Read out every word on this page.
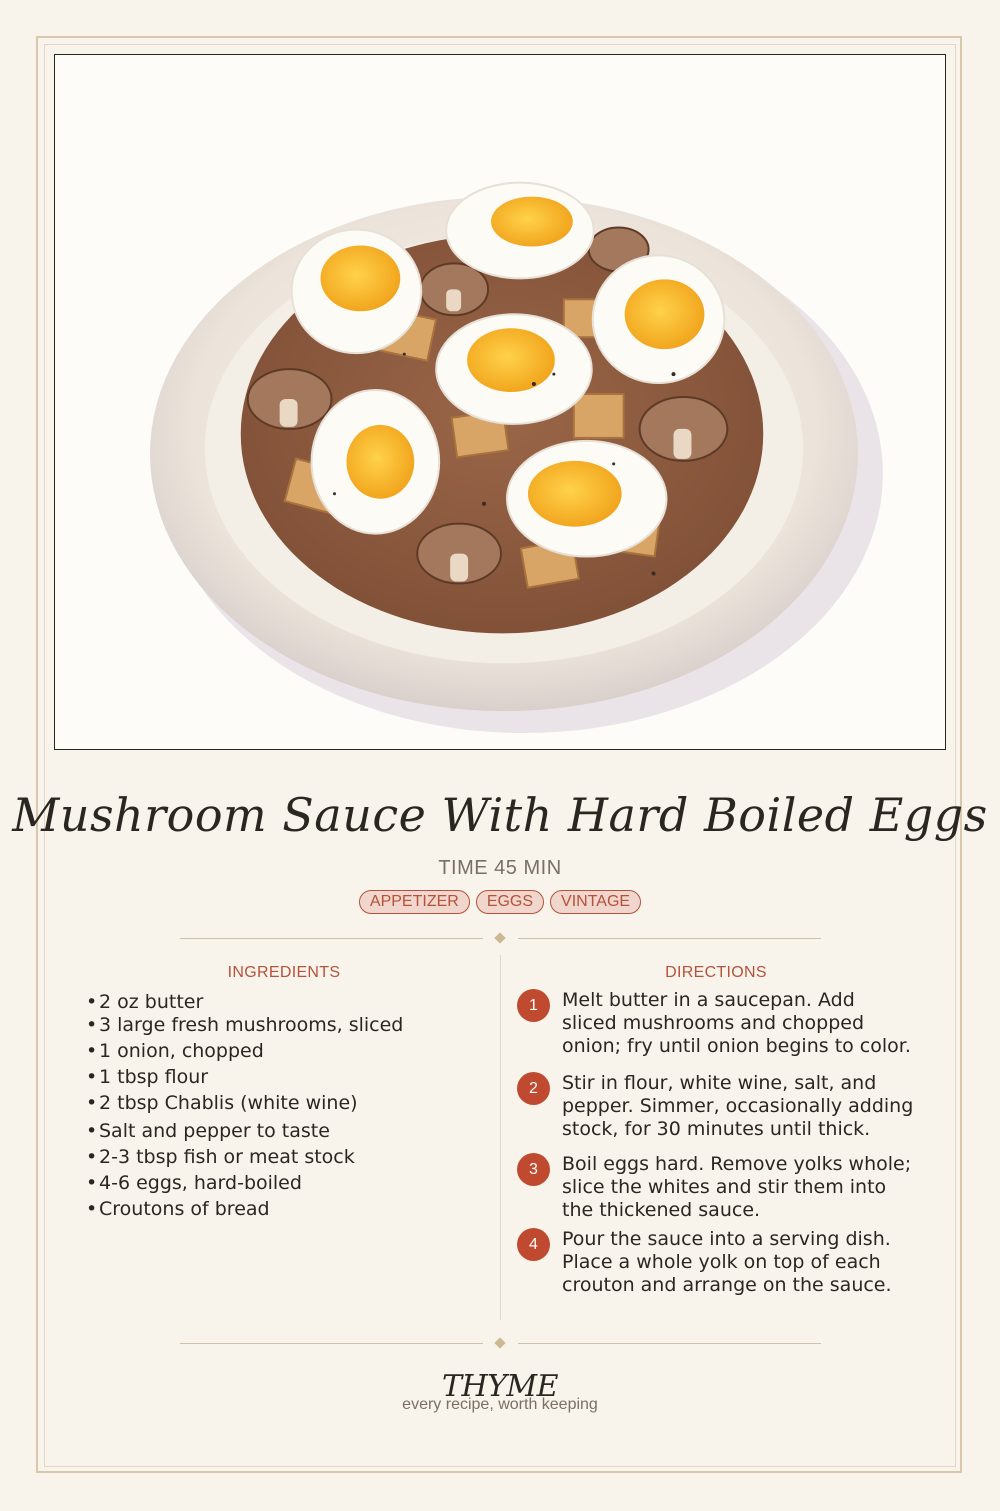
Mushroom Sauce With Hard Boiled Eggs
TIME 45 MIN
APPETIZER EGGS VINTAGE
INGREDIENTS	DIRECTIONS
•2 oz butter
•3 large fresh mushrooms, sliced
•1 onion, chopped
•1 tbsp flour
•2 tbsp Chablis (white wine)
•Salt and pepper to taste
•2-3 tbsp fish or meat stock
•4-6 eggs, hard-boiled
•Croutons of bread
1	Melt butter in a saucepan. Add
sliced mushrooms and chopped
onion; fry until onion begins to color.
2	Stir in flour, white wine, salt, and
pepper. Simmer, occasionally adding
stock, for 30 minutes until thick.
3	Boil eggs hard. Remove yolks whole;
slice the whites and stir them into
the thickened sauce.
4	Pour the sauce into a serving dish.
Place a whole yolk on top of each
crouton and arrange on the sauce.
THYME
every recipe, worth keeping
